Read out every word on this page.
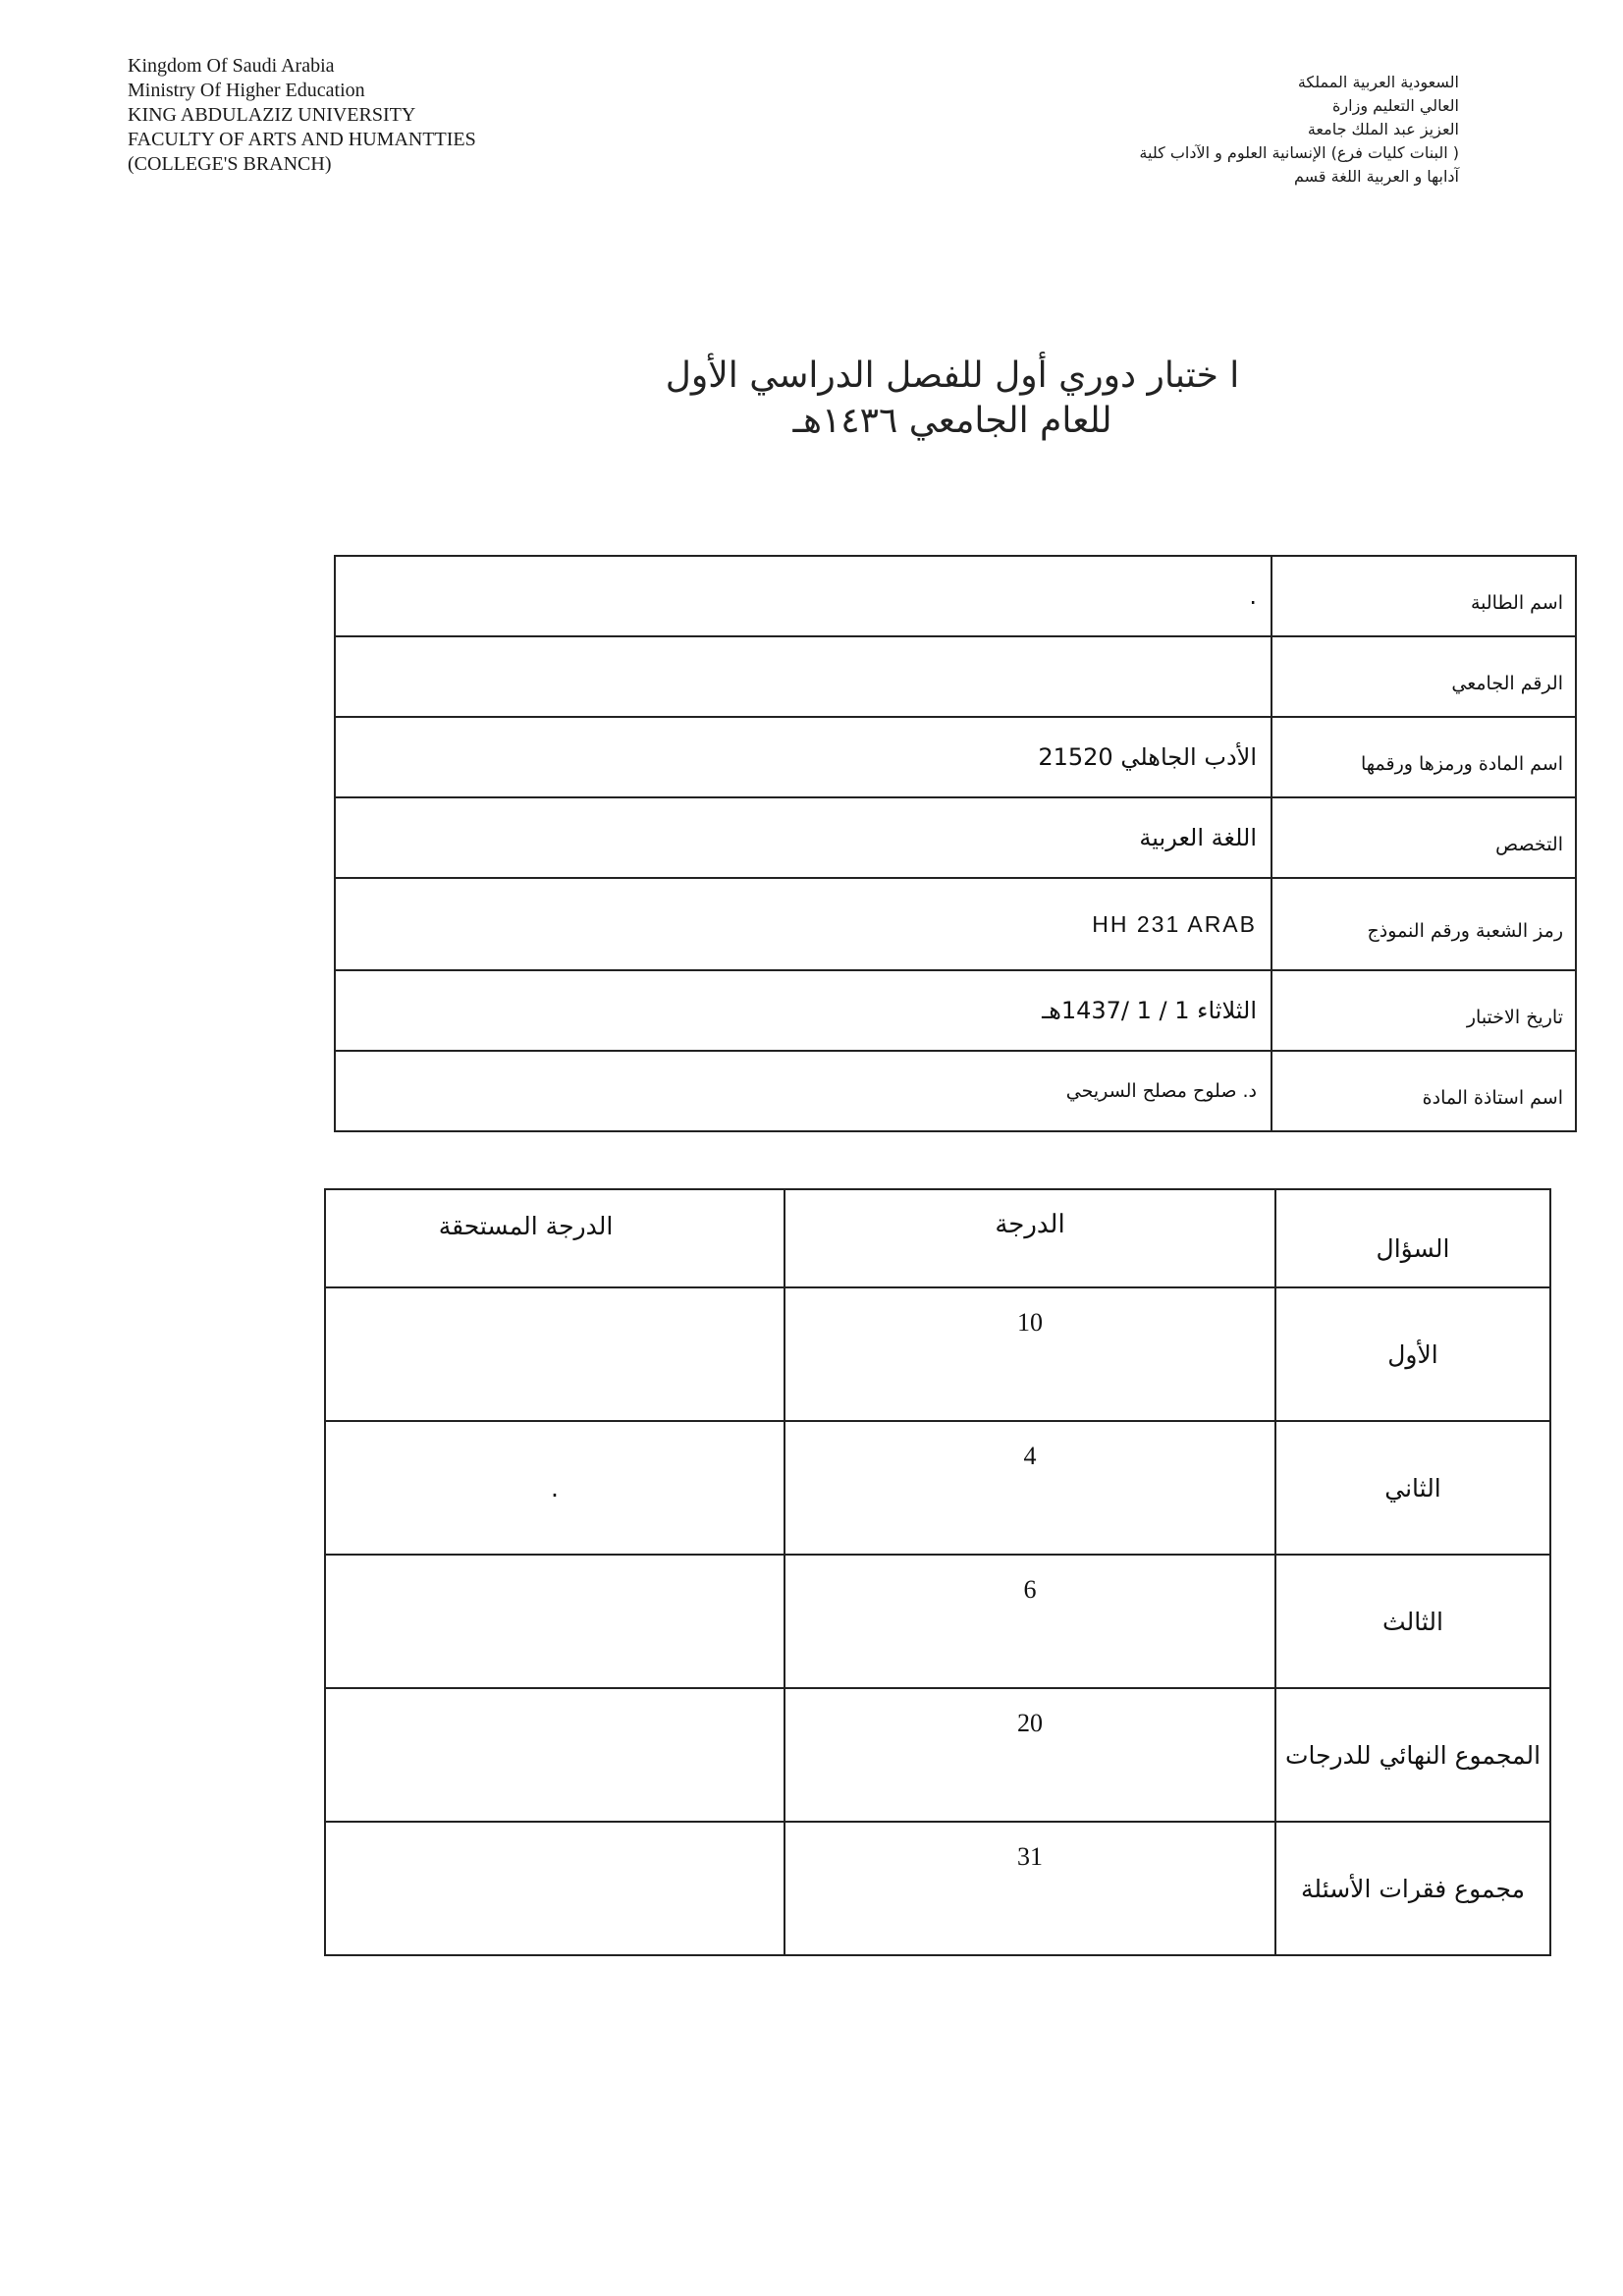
Kingdom Of Saudi Arabia
Ministry Of Higher Education
KING ABDULAZIZ UNIVERSITY
FACULTY OF ARTS AND HUMANTTIES
(COLLEGE'S BRANCH)
السعودية العربية المملكة
العالي التعليم وزارة
العزيز عبد الملك جامعة
( البنات كليات فرع) الإنسانية العلوم و الآداب كلية
آدابها و العربية اللغة قسم
ا ختبار دوري أول للفصل الدراسي الأول
للعام الجامعي ١٤٣٦هـ
اسم الطالبة	.
الرقم الجامعي	
اسم المادة ورمزها ورقمها	الأدب الجاهلي 21520
التخصص	اللغة العربية
رمز الشعبة ورقم النموذج	HH 231 ARAB
تاريخ الاختبار	الثلاثاء 1 / 1 /1437هـ
اسم استاذة المادة	د. صلوح مصلح السريحي
السؤال	الدرجة	الدرجة المستحقة
الأول	10	
الثاني	4	.
الثالث	6	
المجموع النهائي للدرجات	20	
مجموع فقرات الأسئلة	31	
